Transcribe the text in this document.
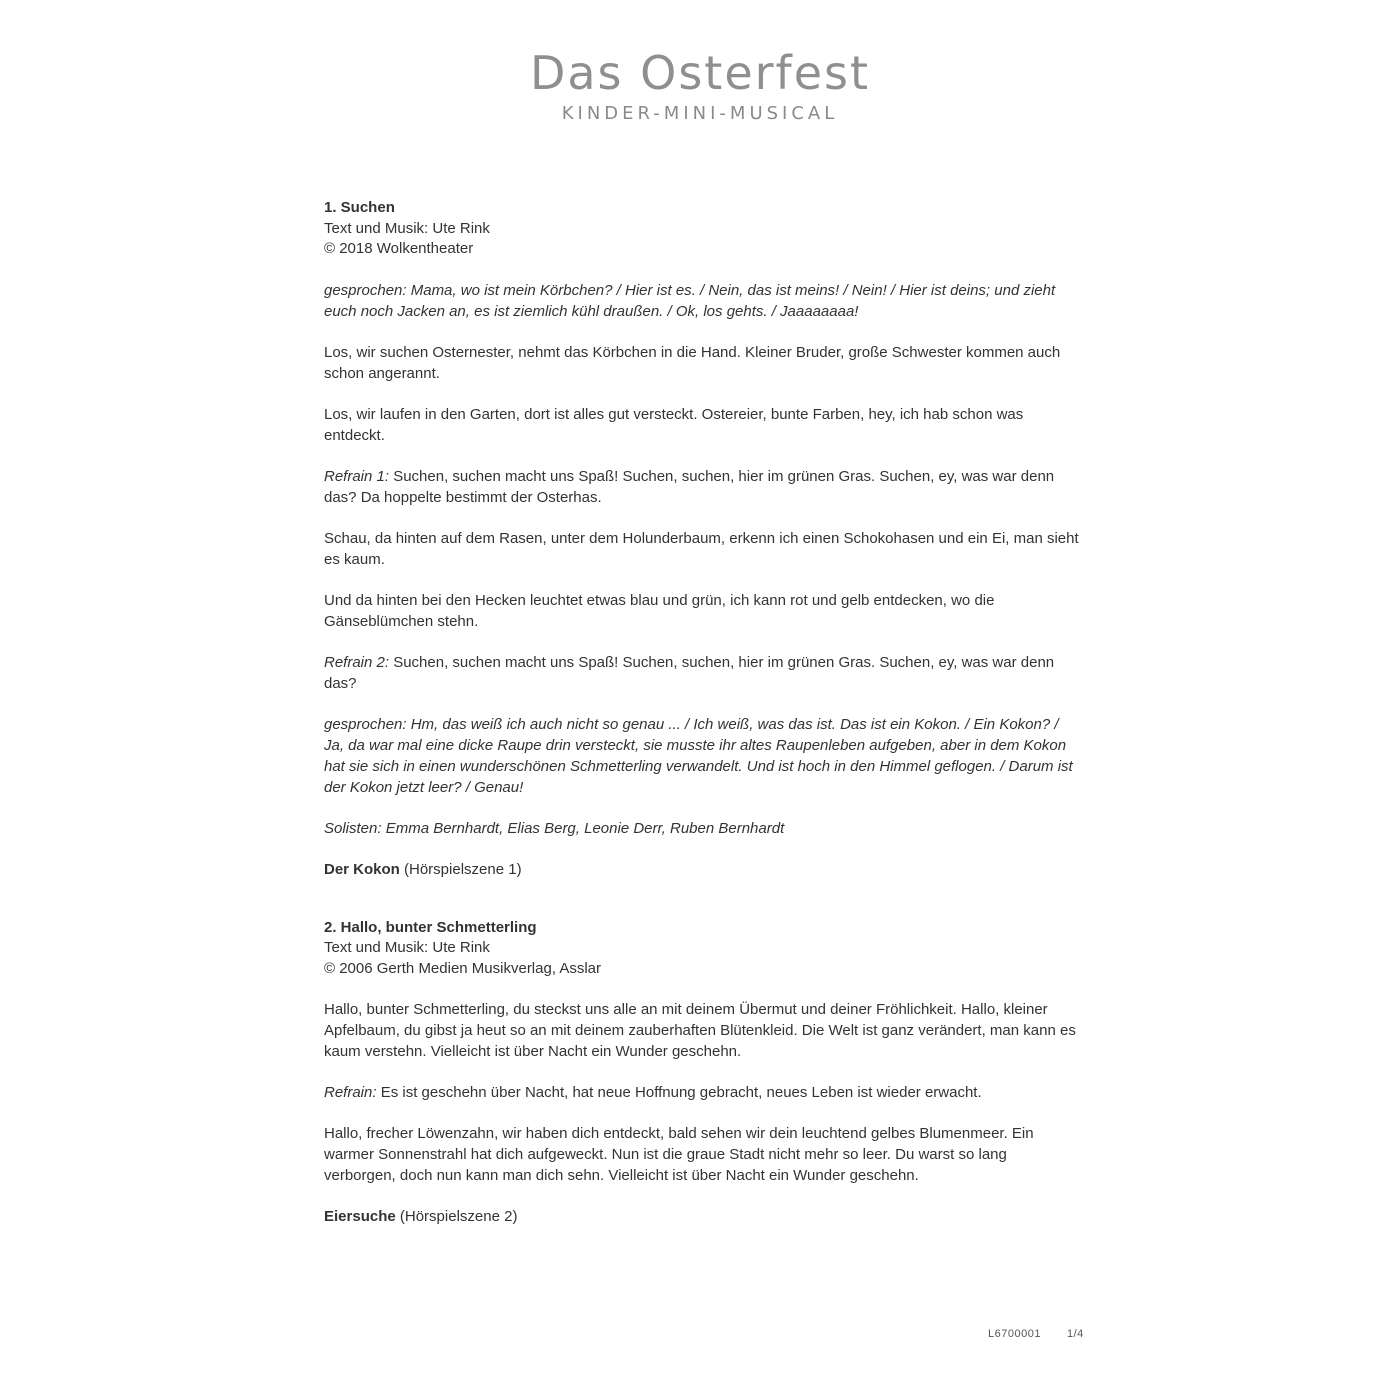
Das Osterfest
KINDER-MINI-MUSICAL
1. Suchen
Text und Musik: Ute Rink
© 2018 Wolkentheater

gesprochen: Mama, wo ist mein Körbchen? / Hier ist es. / Nein, das ist meins! / Nein! / Hier ist deins; und zieht euch noch Jacken an, es ist ziemlich kühl draußen. / Ok, los gehts. / Jaaaaaaaa!

Los, wir suchen Osternester, nehmt das Körbchen in die Hand. Kleiner Bruder, große Schwester kommen auch schon angerannt.

Los, wir laufen in den Garten, dort ist alles gut versteckt. Ostereier, bunte Farben, hey, ich hab schon was entdeckt.

Refrain 1: Suchen, suchen macht uns Spaß! Suchen, suchen, hier im grünen Gras. Suchen, ey, was war denn das? Da hoppelte bestimmt der Osterhas.

Schau, da hinten auf dem Rasen, unter dem Holunderbaum, erkenn ich einen Schokohasen und ein Ei, man sieht es kaum.

Und da hinten bei den Hecken leuchtet etwas blau und grün, ich kann rot und gelb entdecken, wo die Gänseblümchen stehn.

Refrain 2: Suchen, suchen macht uns Spaß! Suchen, suchen, hier im grünen Gras. Suchen, ey, was war denn das?

gesprochen: Hm, das weiß ich auch nicht so genau ... / Ich weiß, was das ist. Das ist ein Kokon. / Ein Kokon? / Ja, da war mal eine dicke Raupe drin versteckt, sie musste ihr altes Raupenleben aufgeben, aber in dem Kokon hat sie sich in einen wunderschönen Schmetterling verwandelt. Und ist hoch in den Himmel geflogen. / Darum ist der Kokon jetzt leer? / Genau!

Solisten: Emma Bernhardt, Elias Berg, Leonie Derr, Ruben Bernhardt

Der Kokon (Hörspielszene 1)

2. Hallo, bunter Schmetterling
Text und Musik: Ute Rink
© 2006 Gerth Medien Musikverlag, Asslar

Hallo, bunter Schmetterling, du steckst uns alle an mit deinem Übermut und deiner Fröhlichkeit. Hallo, kleiner Apfelbaum, du gibst ja heut so an mit deinem zauberhaften Blütenkleid. Die Welt ist ganz verändert, man kann es kaum verstehn. Vielleicht ist über Nacht ein Wunder geschehn.

Refrain: Es ist geschehn über Nacht, hat neue Hoffnung gebracht, neues Leben ist wieder erwacht.

Hallo, frecher Löwenzahn, wir haben dich entdeckt, bald sehen wir dein leuchtend gelbes Blumenmeer. Ein warmer Sonnenstrahl hat dich aufgeweckt. Nun ist die graue Stadt nicht mehr so leer. Du warst so lang verborgen, doch nun kann man dich sehn. Vielleicht ist über Nacht ein Wunder geschehn.

Eiersuche (Hörspielszene 2)

L6700001 1/4
